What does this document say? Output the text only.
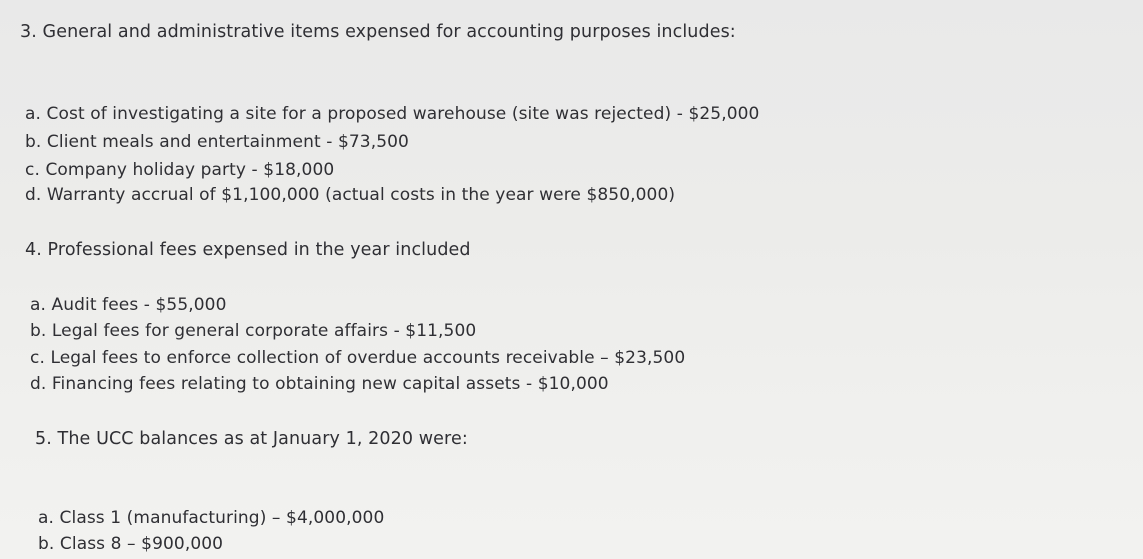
3. General and administrative items expensed for accounting purposes includes:
a. Cost of investigating a site for a proposed warehouse (site was rejected) - $25,000
b. Client meals and entertainment - $73,500
c. Company holiday party - $18,000
d. Warranty accrual of $1,100,000 (actual costs in the year were $850,000)
4. Professional fees expensed in the year included
a. Audit fees - $55,000
b. Legal fees for general corporate affairs - $11,500
c. Legal fees to enforce collection of overdue accounts receivable – $23,500
d. Financing fees relating to obtaining new capital assets - $10,000
5. The UCC balances as at January 1, 2020 were:
a. Class 1 (manufacturing) – $4,000,000
b. Class 8 – $900,000
